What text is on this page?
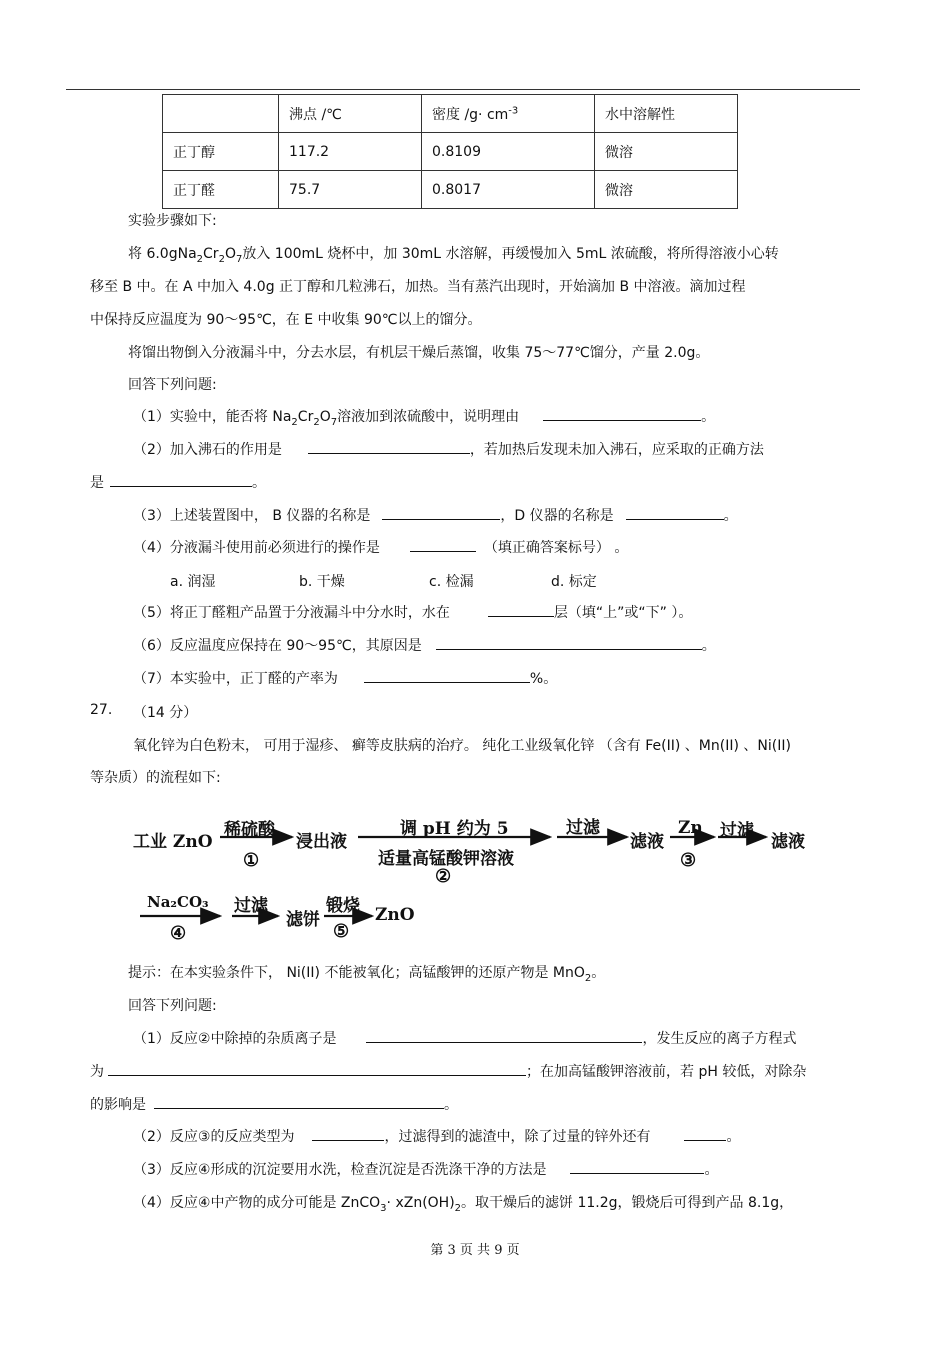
	沸点 /℃	密度 $/g\cdot cm^{-3}$	水中溶解性
正丁醇	117.2	0.8109	微溶
正丁醛	75.7	0.8017	微溶
实验步骤如下:
将 $6.0gNa_2Cr_2O_7$放入 100mL 烧杯中，加 30mL 水溶解，再缓慢加入 5mL 浓硫酸，将所得溶液小心转
移至 B 中。在 A 中加入 4.0g 正丁醇和几粒沸石，加热。当有蒸汽出现时，开始滴加 B 中溶液。滴加过程
中保持反应温度为 90～95℃，在 E 中收集 90℃以上的馏分。
将馏出物倒入分液漏斗中，分去水层，有机层干燥后蒸馏，收集 75～77℃馏分，产量 2.0g。
回答下列问题:
（1）实验中，能否将 $Na_2Cr_2O_7$溶液加到浓硫酸中，说明理由	。
（2）加入沸石的作用是	，若加热后发现未加入沸石，应采取的正确方法
是	。
（3）上述装置图中， B 仪器的名称是	，D 仪器的名称是	。
（4）分液漏斗使用前必须进行的操作是	（填正确答案标号） 。
a. 润湿	b. 干燥	c. 检漏	d. 标定
（5）将正丁醛粗产品置于分液漏斗中分水时，水在	层（填“上”或“下” ）。
（6）反应温度应保持在 90～95℃，其原因是	。
（7）本实验中，正丁醛的产率为	%。
27. （14 分）
氧化锌为白色粉末， 可用于湿疹、 癣等皮肤病的治疗。 纯化工业级氧化锌 （含有 Fe(II) 、Mn(II) 、Ni(II)
等杂质）的流程如下:
工业 ZnO
稀硫酸
①
浸出液
调 pH 约为 5
适量高锰酸钾溶液
②
过滤
滤液
Zn
③
过滤
滤液
Na₂CO₃
④
过滤
滤饼
锻烧
⑤
ZnO
提示：在本实验条件下， Ni(II) 不能被氧化；高锰酸钾的还原产物是 MnO$_2$。
回答下列问题:
（1）反应②中除掉的杂质离子是	，发生反应的离子方程式
为	；在加高锰酸钾溶液前，若 pH 较低，对除杂
的影响是	。
（2）反应③的反应类型为	，过滤得到的滤渣中，除了过量的锌外还有	。
（3）反应④形成的沉淀要用水洗，检查沉淀是否洗涤干净的方法是	。
（4）反应④中产物的成分可能是 ZnCO$_3$· $xZn(OH)_2$。取干燥后的滤饼 11.2g，锻烧后可得到产品 8.1g，
第 3 页 共 9 页
